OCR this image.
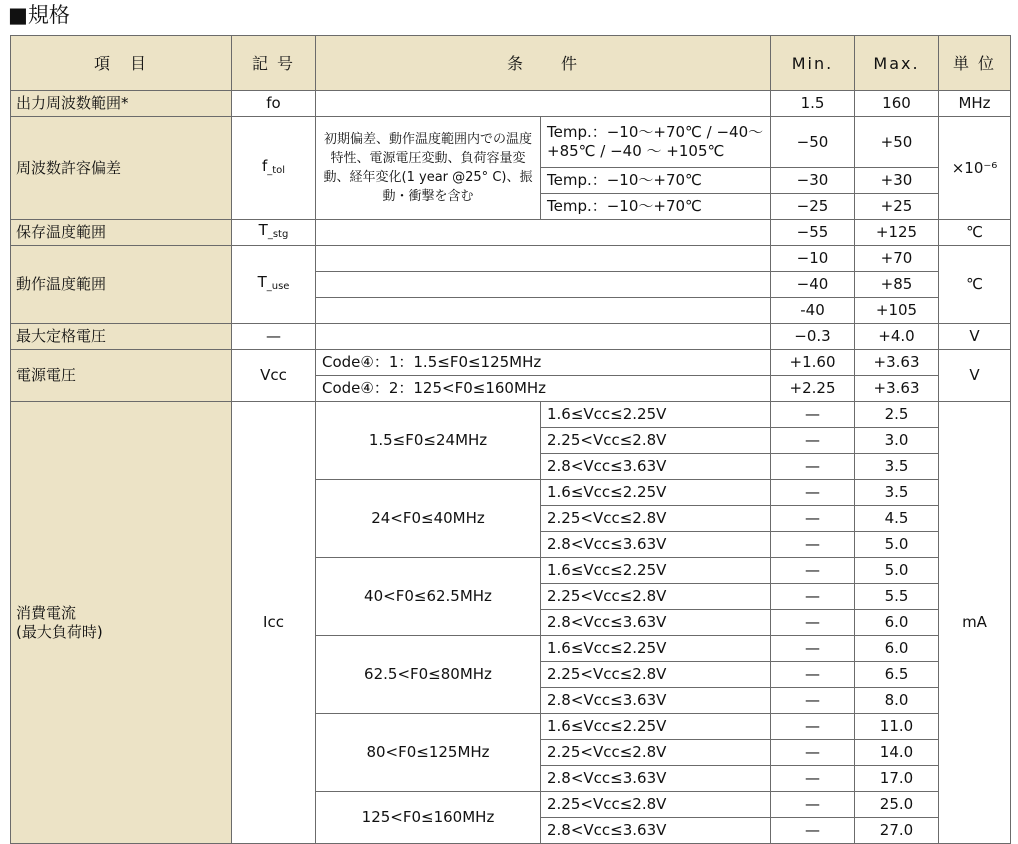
■規格
項　目	記 号	条　　件		Min.	Max.	単 位
出力周波数範囲*	fo			1.5	160	MHz
周波数許容偏差	$f_{\_tol}$	初期偏差、動作温度範囲内での温度特性、電源電圧変動、負荷容量変動、経年変化(1 year @25° C)、振動・衝撃を含む	Temp.：−10～+70℃ / −40～+85℃ / −40 ～ +105℃	−50	+50	×10⁻⁶
			Temp.：−10～+70℃	−30	+30	
			Temp.：−10～+70℃	−25	+25	
保存温度範囲	$T_{\_stg}$			−55	+125	℃
動作温度範囲	$T_{\_use}$			−10	+70	℃
				−40	+85	
				-40	+105	
最大定格電圧	—			−0.3	+4.0	V
電源電圧	Vcc	Code④：1：1.5≤F0≤125MHz		+1.60	+3.63	V
		Code④：2：125<F0≤160MHz		+2.25	+3.63	
消費電流
(最大負荷時)	Icc	1.5≤F0≤24MHz	1.6≤Vcc≤2.25V	—	2.5	mA
			2.25<Vcc≤2.8V	—	3.0	
			2.8<Vcc≤3.63V	—	3.5	
		24<F0≤40MHz	1.6≤Vcc≤2.25V	—	3.5	
			2.25<Vcc≤2.8V	—	4.5	
			2.8<Vcc≤3.63V	—	5.0	
		40<F0≤62.5MHz	1.6≤Vcc≤2.25V	—	5.0	
			2.25<Vcc≤2.8V	—	5.5	
			2.8<Vcc≤3.63V	—	6.0	
		62.5<F0≤80MHz	1.6≤Vcc≤2.25V	—	6.0	
			2.25<Vcc≤2.8V	—	6.5	
			2.8<Vcc≤3.63V	—	8.0	
		80<F0≤125MHz	1.6≤Vcc≤2.25V	—	11.0	
			2.25<Vcc≤2.8V	—	14.0	
			2.8<Vcc≤3.63V	—	17.0	
		125<F0≤160MHz	2.25<Vcc≤2.8V	—	25.0	
			2.8<Vcc≤3.63V	—	27.0	
